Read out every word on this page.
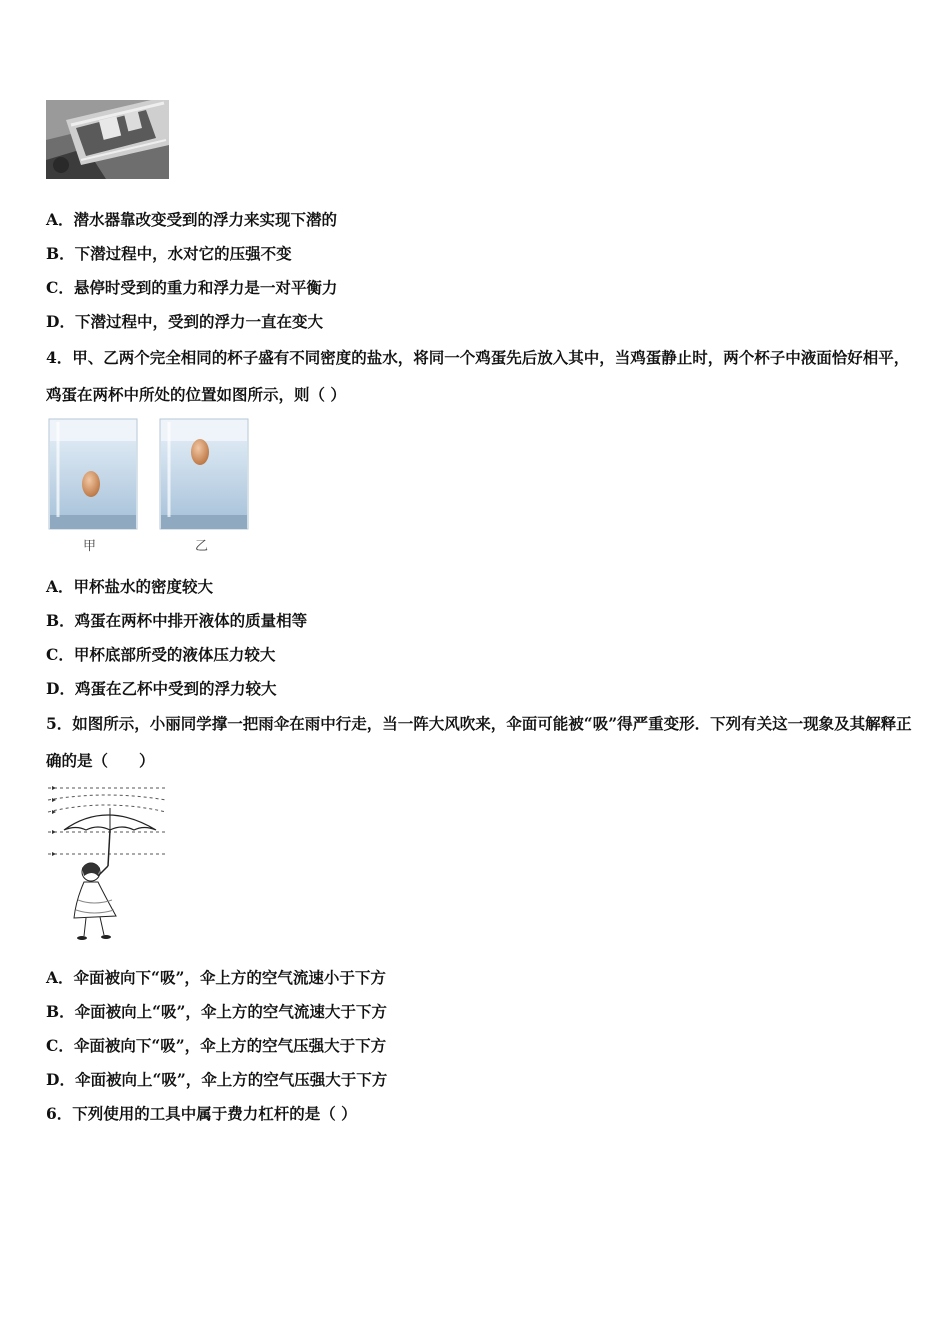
A．潜水器靠改变受到的浮力来实现下潜的
B．下潜过程中，水对它的压强不变
C．悬停时受到的重力和浮力是一对平衡力
D．下潜过程中，受到的浮力一直在变大
4．甲、乙两个完全相同的杯子盛有不同密度的盐水，将同一个鸡蛋先后放入其中，当鸡蛋静止时，两个杯子中液面恰好相平，鸡蛋在两杯中所处的位置如图所示，则（ ）
甲	乙
A．甲杯盐水的密度较大
B．鸡蛋在两杯中排开液体的质量相等
C．甲杯底部所受的液体压力较大
D．鸡蛋在乙杯中受到的浮力较大
5．如图所示，小丽同学撑一把雨伞在雨中行走，当一阵大风吹来，伞面可能被“吸”得严重变形．下列有关这一现象及其解释正确的是（　　）
A．伞面被向下“吸”，伞上方的空气流速小于下方
B．伞面被向上“吸”，伞上方的空气流速大于下方
C．伞面被向下“吸”，伞上方的空气压强大于下方
D．伞面被向上“吸”，伞上方的空气压强大于下方
6．下列使用的工具中属于费力杠杆的是（ ）
